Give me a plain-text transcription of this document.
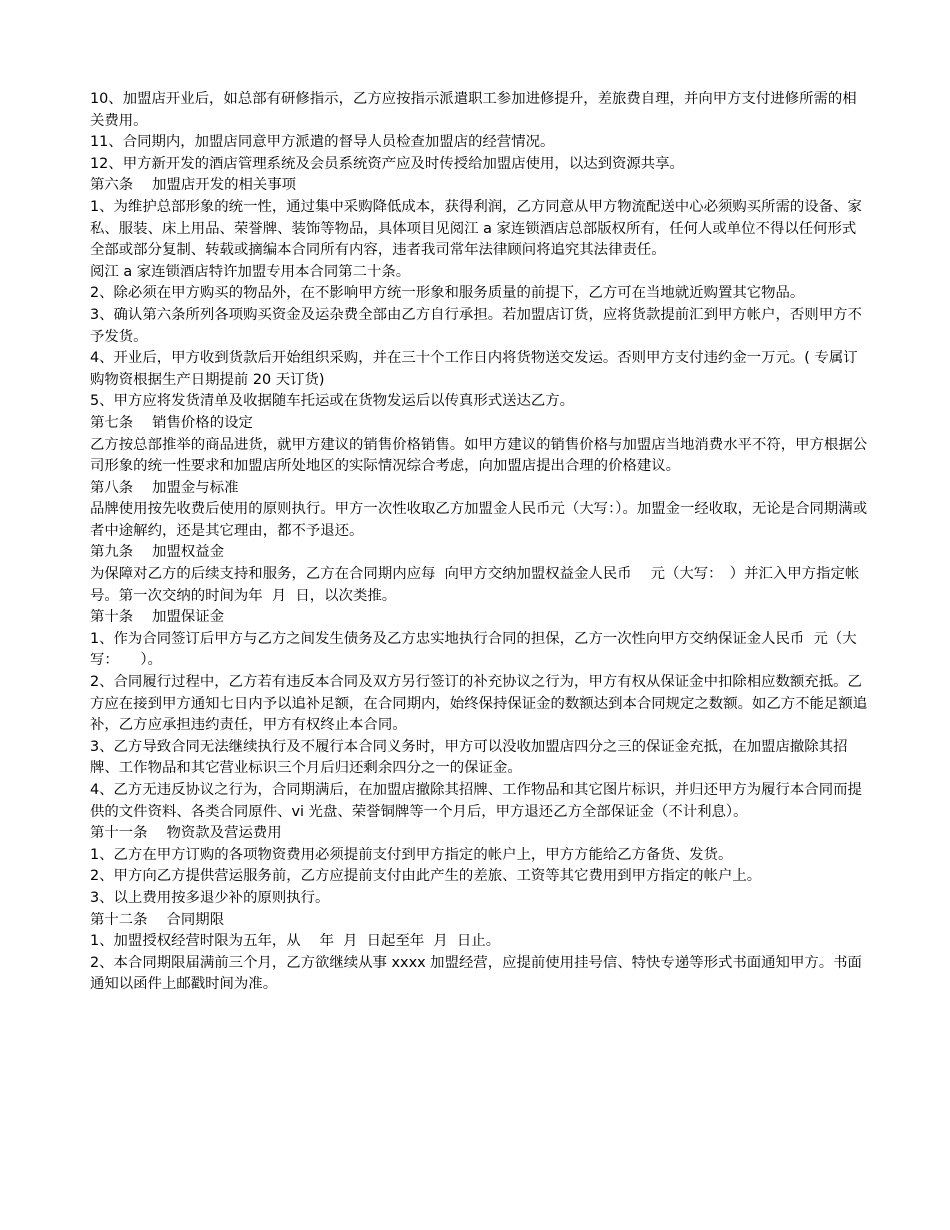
10、加盟店开业后，如总部有研修指示，乙方应按指示派遣职工参加进修提升，差旅费自理，并向甲方支付进修所需的相关费用。

11、合同期内，加盟店同意甲方派遣的督导人员检查加盟店的经营情况。

12、甲方新开发的酒店管理系统及会员系统资产应及时传授给加盟店使用，以达到资源共享。

第六条　 加盟店开发的相关事项

1、为维护总部形象的统一性，通过集中采购降低成本，获得利润，乙方同意从甲方物流配送中心必须购买所需的设备、家私、服装、床上用品、荣誉牌、装饰等物品，具体项目见阅江 a 家连锁酒店总部版权所有，任何人或单位不得以任何形式全部或部分复制、转载或摘编本合同所有内容，违者我司常年法律顾问将追究其法律责任。

阅江 a 家连锁酒店特许加盟专用本合同第二十条。

2、除必须在甲方购买的物品外，在不影响甲方统一形象和服务质量的前提下，乙方可在当地就近购置其它物品。

3、确认第六条所列各项购买资金及运杂费全部由乙方自行承担。若加盟店订货，应将货款提前汇到甲方帐户，否则甲方不予发货。

4、开业后，甲方收到货款后开始组织采购，并在三十个工作日内将货物送交发运。否则甲方支付违约金一万元。( 专属订购物资根据生产日期提前 20 天订货)

5、甲方应将发货清单及收据随车托运或在货物发运后以传真形式送达乙方。

第七条　 销售价格的设定

乙方按总部推举的商品进货，就甲方建议的销售价格销售。如甲方建议的销售价格与加盟店当地消费水平不符，甲方根据公司形象的统一性要求和加盟店所处地区的实际情况综合考虑，向加盟店提出合理的价格建议。

第八条　 加盟金与标准

品牌使用按先收费后使用的原则执行。甲方一次性收取乙方加盟金人民币元（大写：）。加盟金一经收取，无论是合同期满或者中途解约，还是其它理由，都不予退还。

第九条　 加盟权益金

为保障对乙方的后续支持和服务，乙方在合同期内应每  向甲方交纳加盟权益金人民币　 元（大写：　）并汇入甲方指定帐号。第一次交纳的时间为年  月  日，以次类推。

第十条　 加盟保证金

1、作为合同签订后甲方与乙方之间发生债务及乙方忠实地执行合同的担保，乙方一次性向甲方交纳保证金人民币  元（大写：　　）。

2、合同履行过程中，乙方若有违反本合同及双方另行签订的补充协议之行为，甲方有权从保证金中扣除相应数额充抵。乙方应在接到甲方通知七日内予以追补足额，在合同期内，始终保持保证金的数额达到本合同规定之数额。如乙方不能足额追补，乙方应承担违约责任，甲方有权终止本合同。

3、乙方导致合同无法继续执行及不履行本合同义务时，甲方可以没收加盟店四分之三的保证金充抵，在加盟店撤除其招牌、工作物品和其它营业标识三个月后归还剩余四分之一的保证金。

4、乙方无违反协议之行为，合同期满后，在加盟店撤除其招牌、工作物品和其它图片标识，并归还甲方为履行本合同而提供的文件资料、各类合同原件、vi 光盘、荣誉铜牌等一个月后，甲方退还乙方全部保证金（不计利息）。

第十一条　 物资款及营运费用

1、乙方在甲方订购的各项物资费用必须提前支付到甲方指定的帐户上，甲方方能给乙方备货、发货。

2、甲方向乙方提供营运服务前，乙方应提前支付由此产生的差旅、工资等其它费用到甲方指定的帐户上。

3、以上费用按多退少补的原则执行。

第十二条　 合同期限

1、加盟授权经营时限为五年，从　 年  月  日起至年  月  日止。

2、本合同期限届满前三个月，乙方欲继续从事 xxxx 加盟经营，应提前使用挂号信、特快专递等形式书面通知甲方。书面通知以函件上邮戳时间为准。
